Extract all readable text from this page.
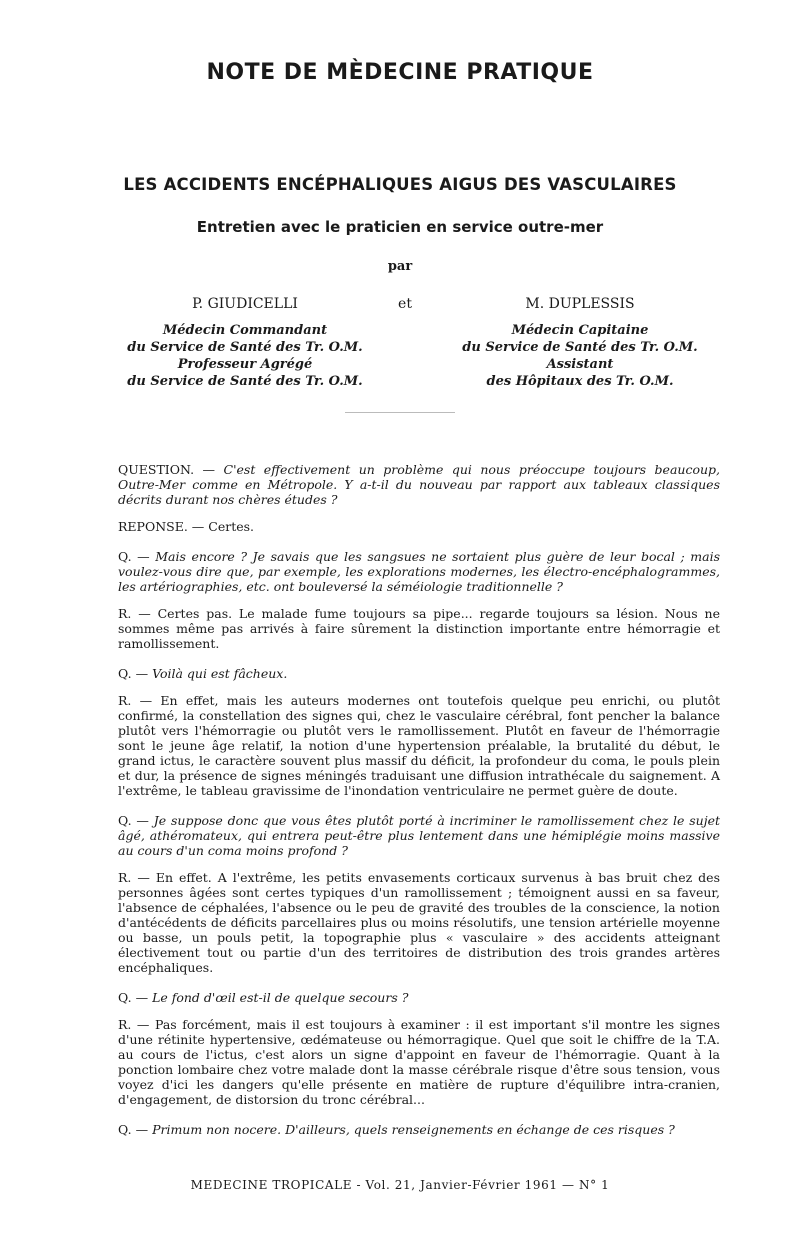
NOTE DE MÈDECINE PRATIQUE
LES ACCIDENTS ENCÉPHALIQUES AIGUS DES VASCULAIRES
Entretien avec le praticien en service outre-mer
par
P. GIUDICELLI	et	M. DUPLESSIS
Médecin Commandant
du Service de Santé des Tr. O.M.
Professeur Agrégé
du Service de Santé des Tr. O.M.
Médecin Capitaine
du Service de Santé des Tr. O.M.
Assistant
des Hôpitaux des Tr. O.M.

QUESTION. — C'est effectivement un problème qui nous préoccupe toujours beaucoup, Outre-Mer comme en Métropole. Y a-t-il du nouveau par rapport aux tableaux classiques décrits durant nos chères études ?

REPONSE. — Certes.

Q. — Mais encore ? Je savais que les sangsues ne sortaient plus guère de leur bocal ; mais voulez-vous dire que, par exemple, les explorations modernes, les électro-encéphalogrammes, les artériographies, etc. ont bouleversé la séméiologie traditionnelle ?

R. — Certes pas. Le malade fume toujours sa pipe... regarde toujours sa lésion. Nous ne sommes même pas arrivés à faire sûrement la distinction importante entre hémorragie et ramollissement.

Q. — Voilà qui est fâcheux.

R. — En effet, mais les auteurs modernes ont toutefois quelque peu enrichi, ou plutôt confirmé, la constellation des signes qui, chez le vasculaire cérébral, font pencher la balance plutôt vers l'hémorragie ou plutôt vers le ramollissement. Plutôt en faveur de l'hémorragie sont le jeune âge relatif, la notion d'une hypertension préalable, la brutalité du début, le grand ictus, le caractère souvent plus massif du déficit, la profondeur du coma, le pouls plein et dur, la présence de signes méningés traduisant une diffusion intrathécale du saignement. A l'extrême, le tableau gravissime de l'inondation ventriculaire ne permet guère de doute.

Q. — Je suppose donc que vous êtes plutôt porté à incriminer le ramollissement chez le sujet âgé, athéromateux, qui entrera peut-être plus lentement dans une hémiplégie moins massive au cours d'un coma moins profond ?

R. — En effet. A l'extrême, les petits envasements corticaux survenus à bas bruit chez des personnes âgées sont certes typiques d'un ramollissement ; témoignent aussi en sa faveur, l'absence de céphalées, l'absence ou le peu de gravité des troubles de la conscience, la notion d'antécédents de déficits parcellaires plus ou moins résolutifs, une tension artérielle moyenne ou basse, un pouls petit, la topographie plus « vasculaire » des accidents atteignant électivement tout ou partie d'un des territoires de distribution des trois grandes artères encéphaliques.

Q. — Le fond d'œil est-il de quelque secours ?

R. — Pas forcément, mais il est toujours à examiner : il est important s'il montre les signes d'une rétinite hypertensive, œdémateuse ou hémorragique. Quel que soit le chiffre de la T.A. au cours de l'ictus, c'est alors un signe d'appoint en faveur de l'hémorragie. Quant à la ponction lombaire chez votre malade dont la masse cérébrale risque d'être sous tension, vous voyez d'ici les dangers qu'elle présente en matière de rupture d'équilibre intra-cranien, d'engagement, de distorsion du tronc cérébral...

Q. — Primum non nocere. D'ailleurs, quels renseignements en échange de ces risques ?

MEDECINE TROPICALE - Vol. 21, Janvier-Février 1961 — N° 1
